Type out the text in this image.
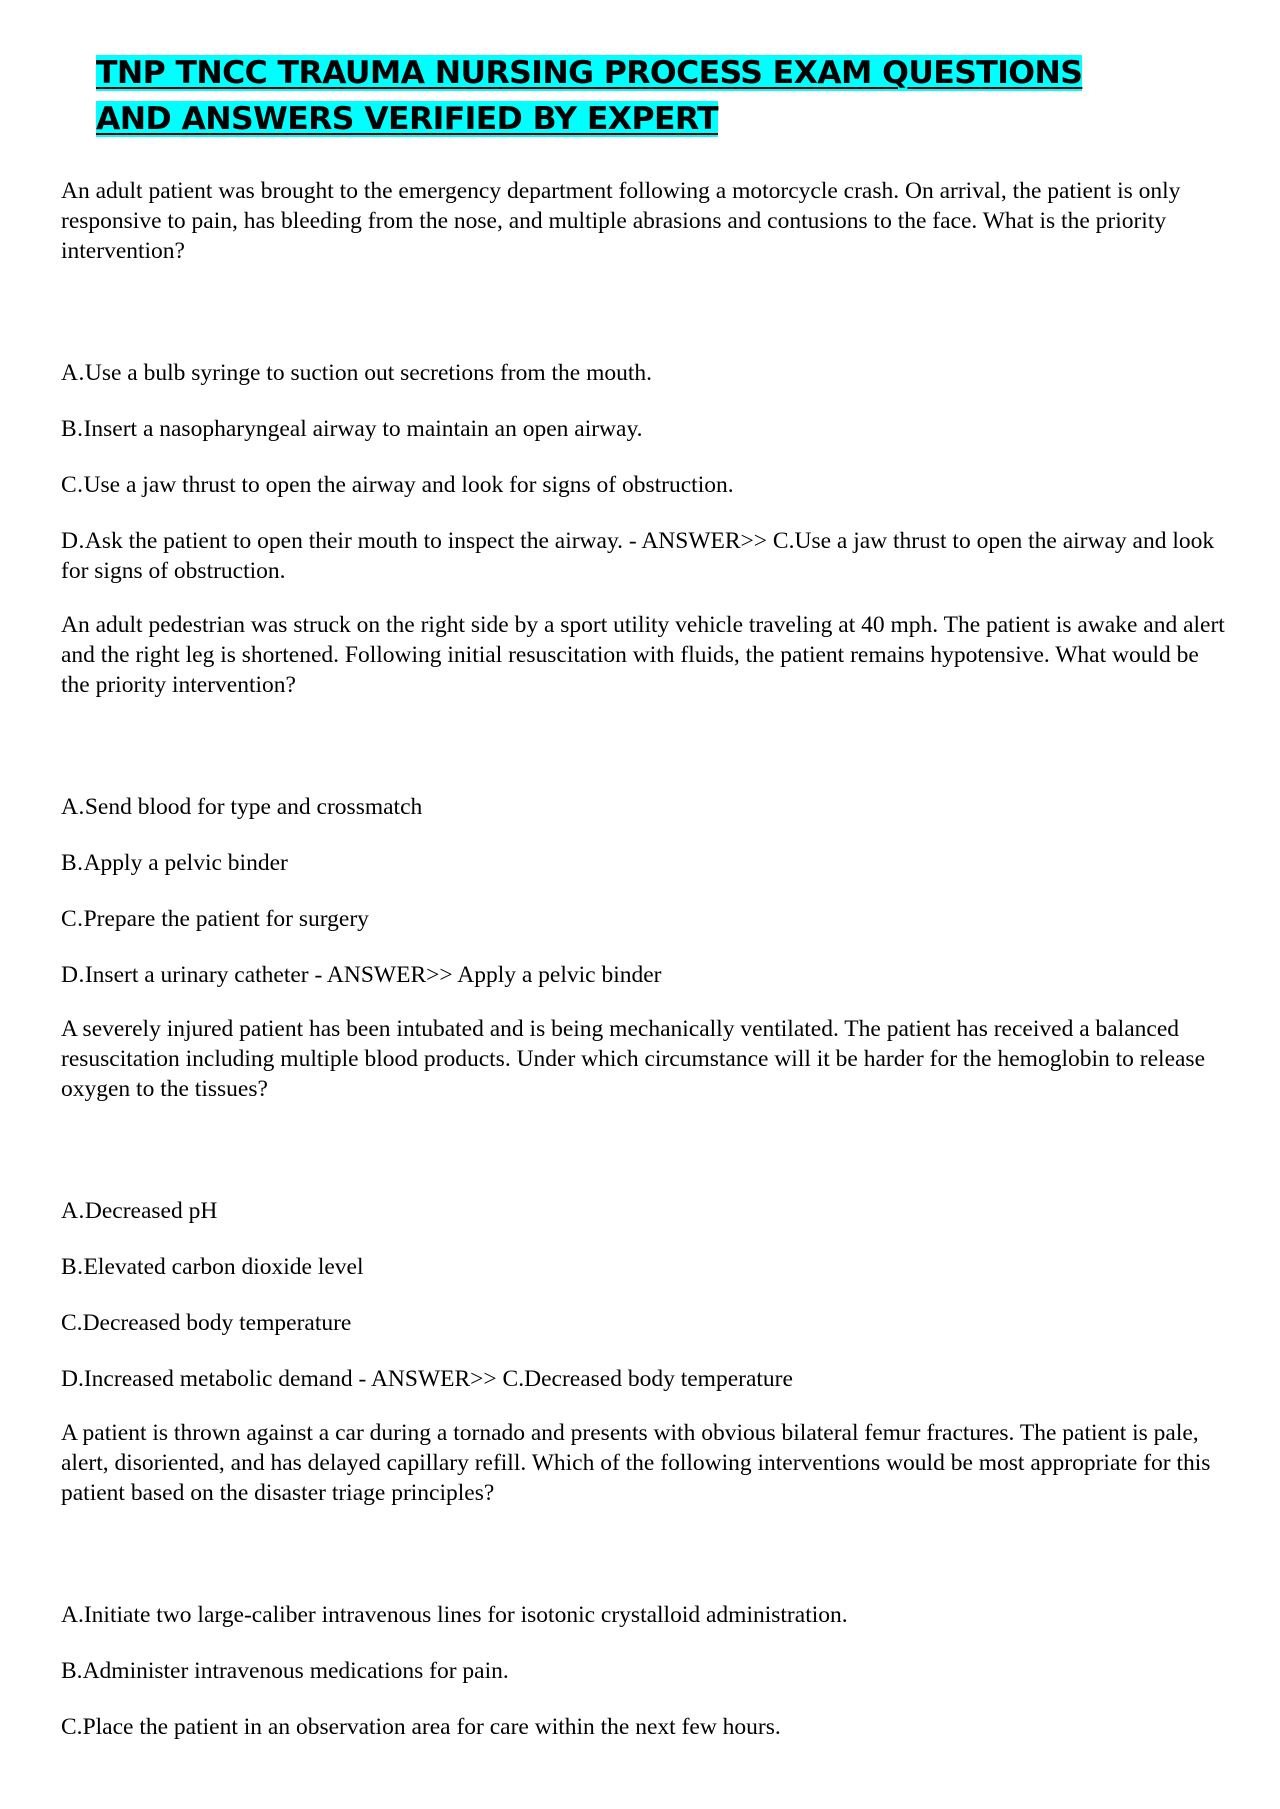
TNP TNCC TRAUMA NURSING PROCESS EXAM QUESTIONS
AND ANSWERS VERIFIED BY EXPERT

An adult patient was brought to the emergency department following a motorcycle crash. On arrival, the patient is only responsive to pain, has bleeding from the nose, and multiple abrasions and contusions to the face. What is the priority intervention?

A.Use a bulb syringe to suction out secretions from the mouth.

B.Insert a nasopharyngeal airway to maintain an open airway.

C.Use a jaw thrust to open the airway and look for signs of obstruction.

D.Ask the patient to open their mouth to inspect the airway. - ANSWER>> C.Use a jaw thrust to open the airway and look for signs of obstruction.

An adult pedestrian was struck on the right side by a sport utility vehicle traveling at 40 mph. The patient is awake and alert and the right leg is shortened. Following initial resuscitation with fluids, the patient remains hypotensive. What would be the priority intervention?

A.Send blood for type and crossmatch

B.Apply a pelvic binder

C.Prepare the patient for surgery

D.Insert a urinary catheter - ANSWER>> Apply a pelvic binder

A severely injured patient has been intubated and is being mechanically ventilated. The patient has received a balanced resuscitation including multiple blood products. Under which circumstance will it be harder for the hemoglobin to release oxygen to the tissues?

A.Decreased pH

B.Elevated carbon dioxide level

C.Decreased body temperature

D.Increased metabolic demand - ANSWER>> C.Decreased body temperature

A patient is thrown against a car during a tornado and presents with obvious bilateral femur fractures. The patient is pale, alert, disoriented, and has delayed capillary refill. Which of the following interventions would be most appropriate for this patient based on the disaster triage principles?

A.Initiate two large-caliber intravenous lines for isotonic crystalloid administration.

B.Administer intravenous medications for pain.

C.Place the patient in an observation area for care within the next few hours.
